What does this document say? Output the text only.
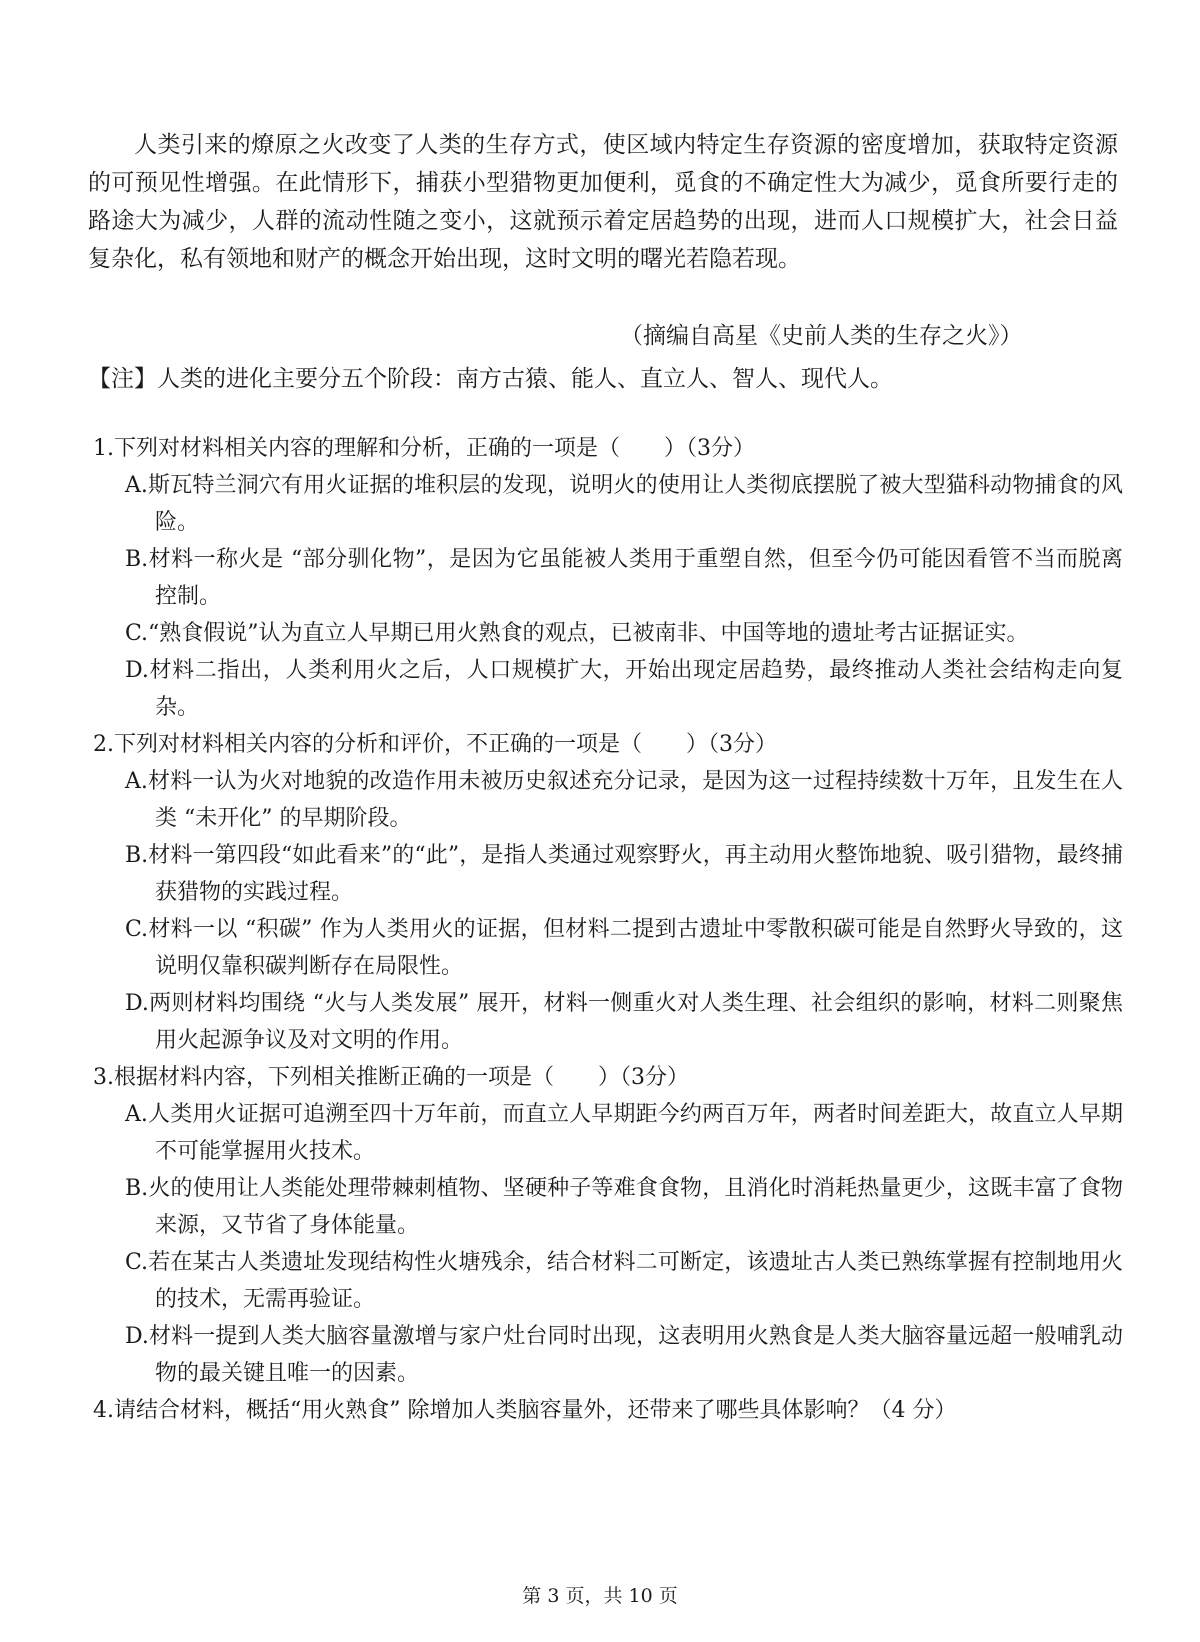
人类引来的燎原之火改变了人类的生存方式，使区域内特定生存资源的密度增加，获取特定资源的可预见性增强。在此情形下，捕获小型猎物更加便利，觅食的不确定性大为减少，觅食所要行走的路途大为减少，人群的流动性随之变小，这就预示着定居趋势的出现，进而人口规模扩大，社会日益复杂化，私有领地和财产的概念开始出现，这时文明的曙光若隐若现。

（摘编自高星《史前人类的生存之火》）
【注】人类的进化主要分五个阶段：南方古猿、能人、直立人、智人、现代人。
1.下列对材料相关内容的理解和分析，正确的一项是（　　）（3分）
A.斯瓦特兰洞穴有用火证据的堆积层的发现，说明火的使用让人类彻底摆脱了被大型猫科动物捕食的风险。
B.材料一称火是 “部分驯化物”，是因为它虽能被人类用于重塑自然，但至今仍可能因看管不当而脱离控制。
C.“熟食假说”认为直立人早期已用火熟食的观点，已被南非、中国等地的遗址考古证据证实。
D.材料二指出，人类利用火之后，人口规模扩大，开始出现定居趋势，最终推动人类社会结构走向复杂。
2.下列对材料相关内容的分析和评价，不正确的一项是（　　）（3分）
A.材料一认为火对地貌的改造作用未被历史叙述充分记录，是因为这一过程持续数十万年，且发生在人类 “未开化” 的早期阶段。
B.材料一第四段“如此看来”的“此”，是指人类通过观察野火，再主动用火整饰地貌、吸引猎物，最终捕获猎物的实践过程。
C.材料一以 “积碳” 作为人类用火的证据，但材料二提到古遗址中零散积碳可能是自然野火导致的，这说明仅靠积碳判断存在局限性。
D.两则材料均围绕 “火与人类发展” 展开，材料一侧重火对人类生理、社会组织的影响，材料二则聚焦用火起源争议及对文明的作用。
3.根据材料内容，下列相关推断正确的一项是（　　）（3分）
A.人类用火证据可追溯至四十万年前，而直立人早期距今约两百万年，两者时间差距大，故直立人早期不可能掌握用火技术。
B.火的使用让人类能处理带棘刺植物、坚硬种子等难食食物，且消化时消耗热量更少，这既丰富了食物来源，又节省了身体能量。
C.若在某古人类遗址发现结构性火塘残余，结合材料二可断定，该遗址古人类已熟练掌握有控制地用火的技术，无需再验证。
D.材料一提到人类大脑容量激增与家户灶台同时出现，这表明用火熟食是人类大脑容量远超一般哺乳动物的最关键且唯一的因素。
4.请结合材料，概括“用火熟食” 除增加人类脑容量外，还带来了哪些具体影响？（4 分）
第 3 页，共 10 页
